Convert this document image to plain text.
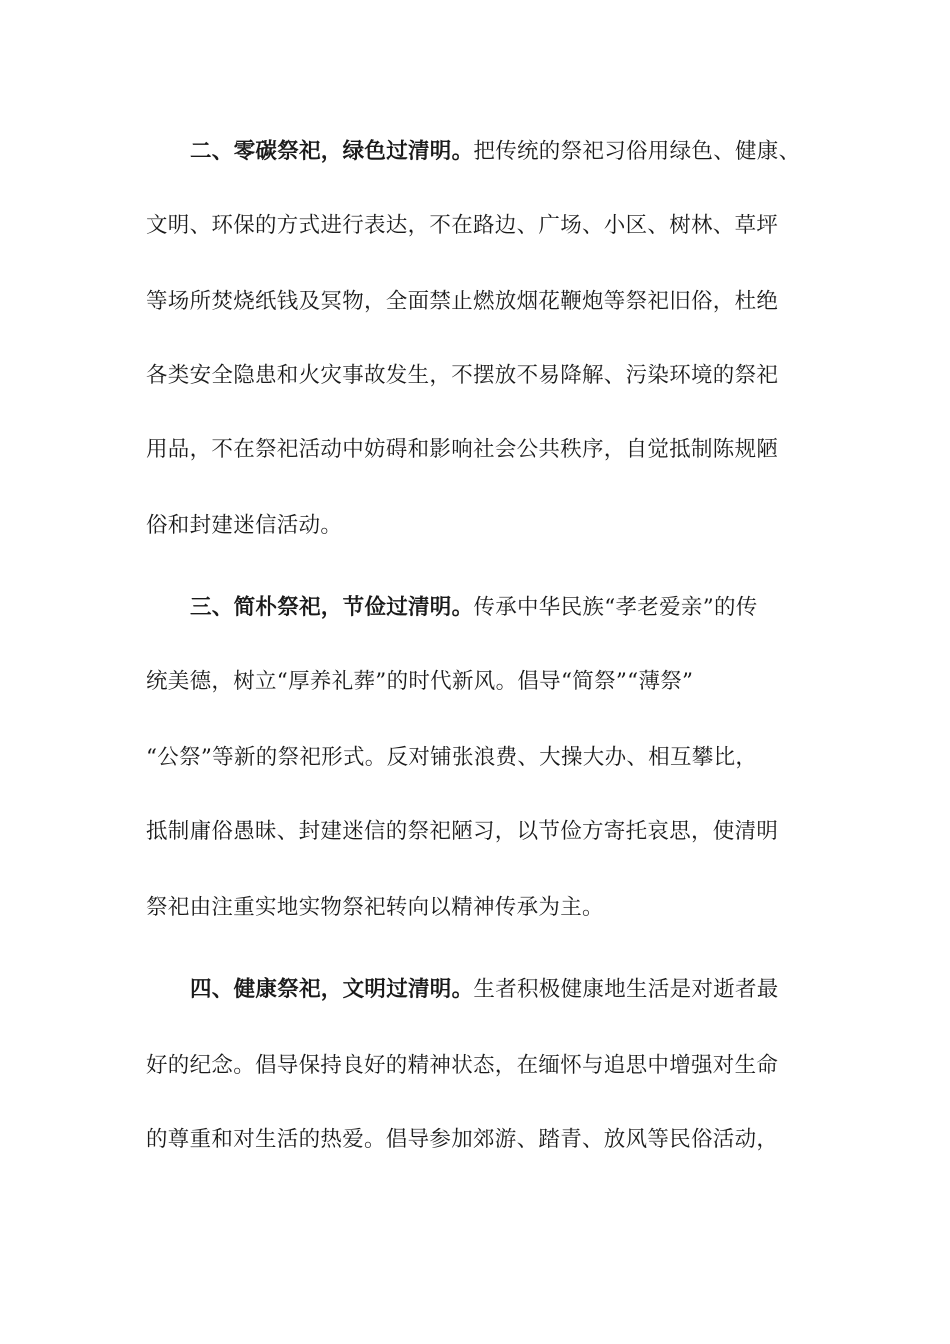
二、零碳祭祀，绿色过清明。把传统的祭祀习俗用绿色、健康、
文明、环保的方式进行表达，不在路边、广场、小区、树林、草坪
等场所焚烧纸钱及冥物，全面禁止燃放烟花鞭炮等祭祀旧俗，杜绝
各类安全隐患和火灾事故发生，不摆放不易降解、污染环境的祭祀
用品，不在祭祀活动中妨碍和影响社会公共秩序，自觉抵制陈规陋
俗和封建迷信活动。
三、简朴祭祀，节俭过清明。传承中华民族“孝老爱亲”的传
统美德，树立“厚养礼葬”的时代新风。倡导“简祭”“薄祭”
“公祭”等新的祭祀形式。反对铺张浪费、大操大办、相互攀比，
抵制庸俗愚昧、封建迷信的祭祀陋习，以节俭方寄托哀思，使清明
祭祀由注重实地实物祭祀转向以精神传承为主。
四、健康祭祀，文明过清明。生者积极健康地生活是对逝者最
好的纪念。倡导保持良好的精神状态，在缅怀与追思中增强对生命
的尊重和对生活的热爱。倡导参加郊游、踏青、放风等民俗活动，
